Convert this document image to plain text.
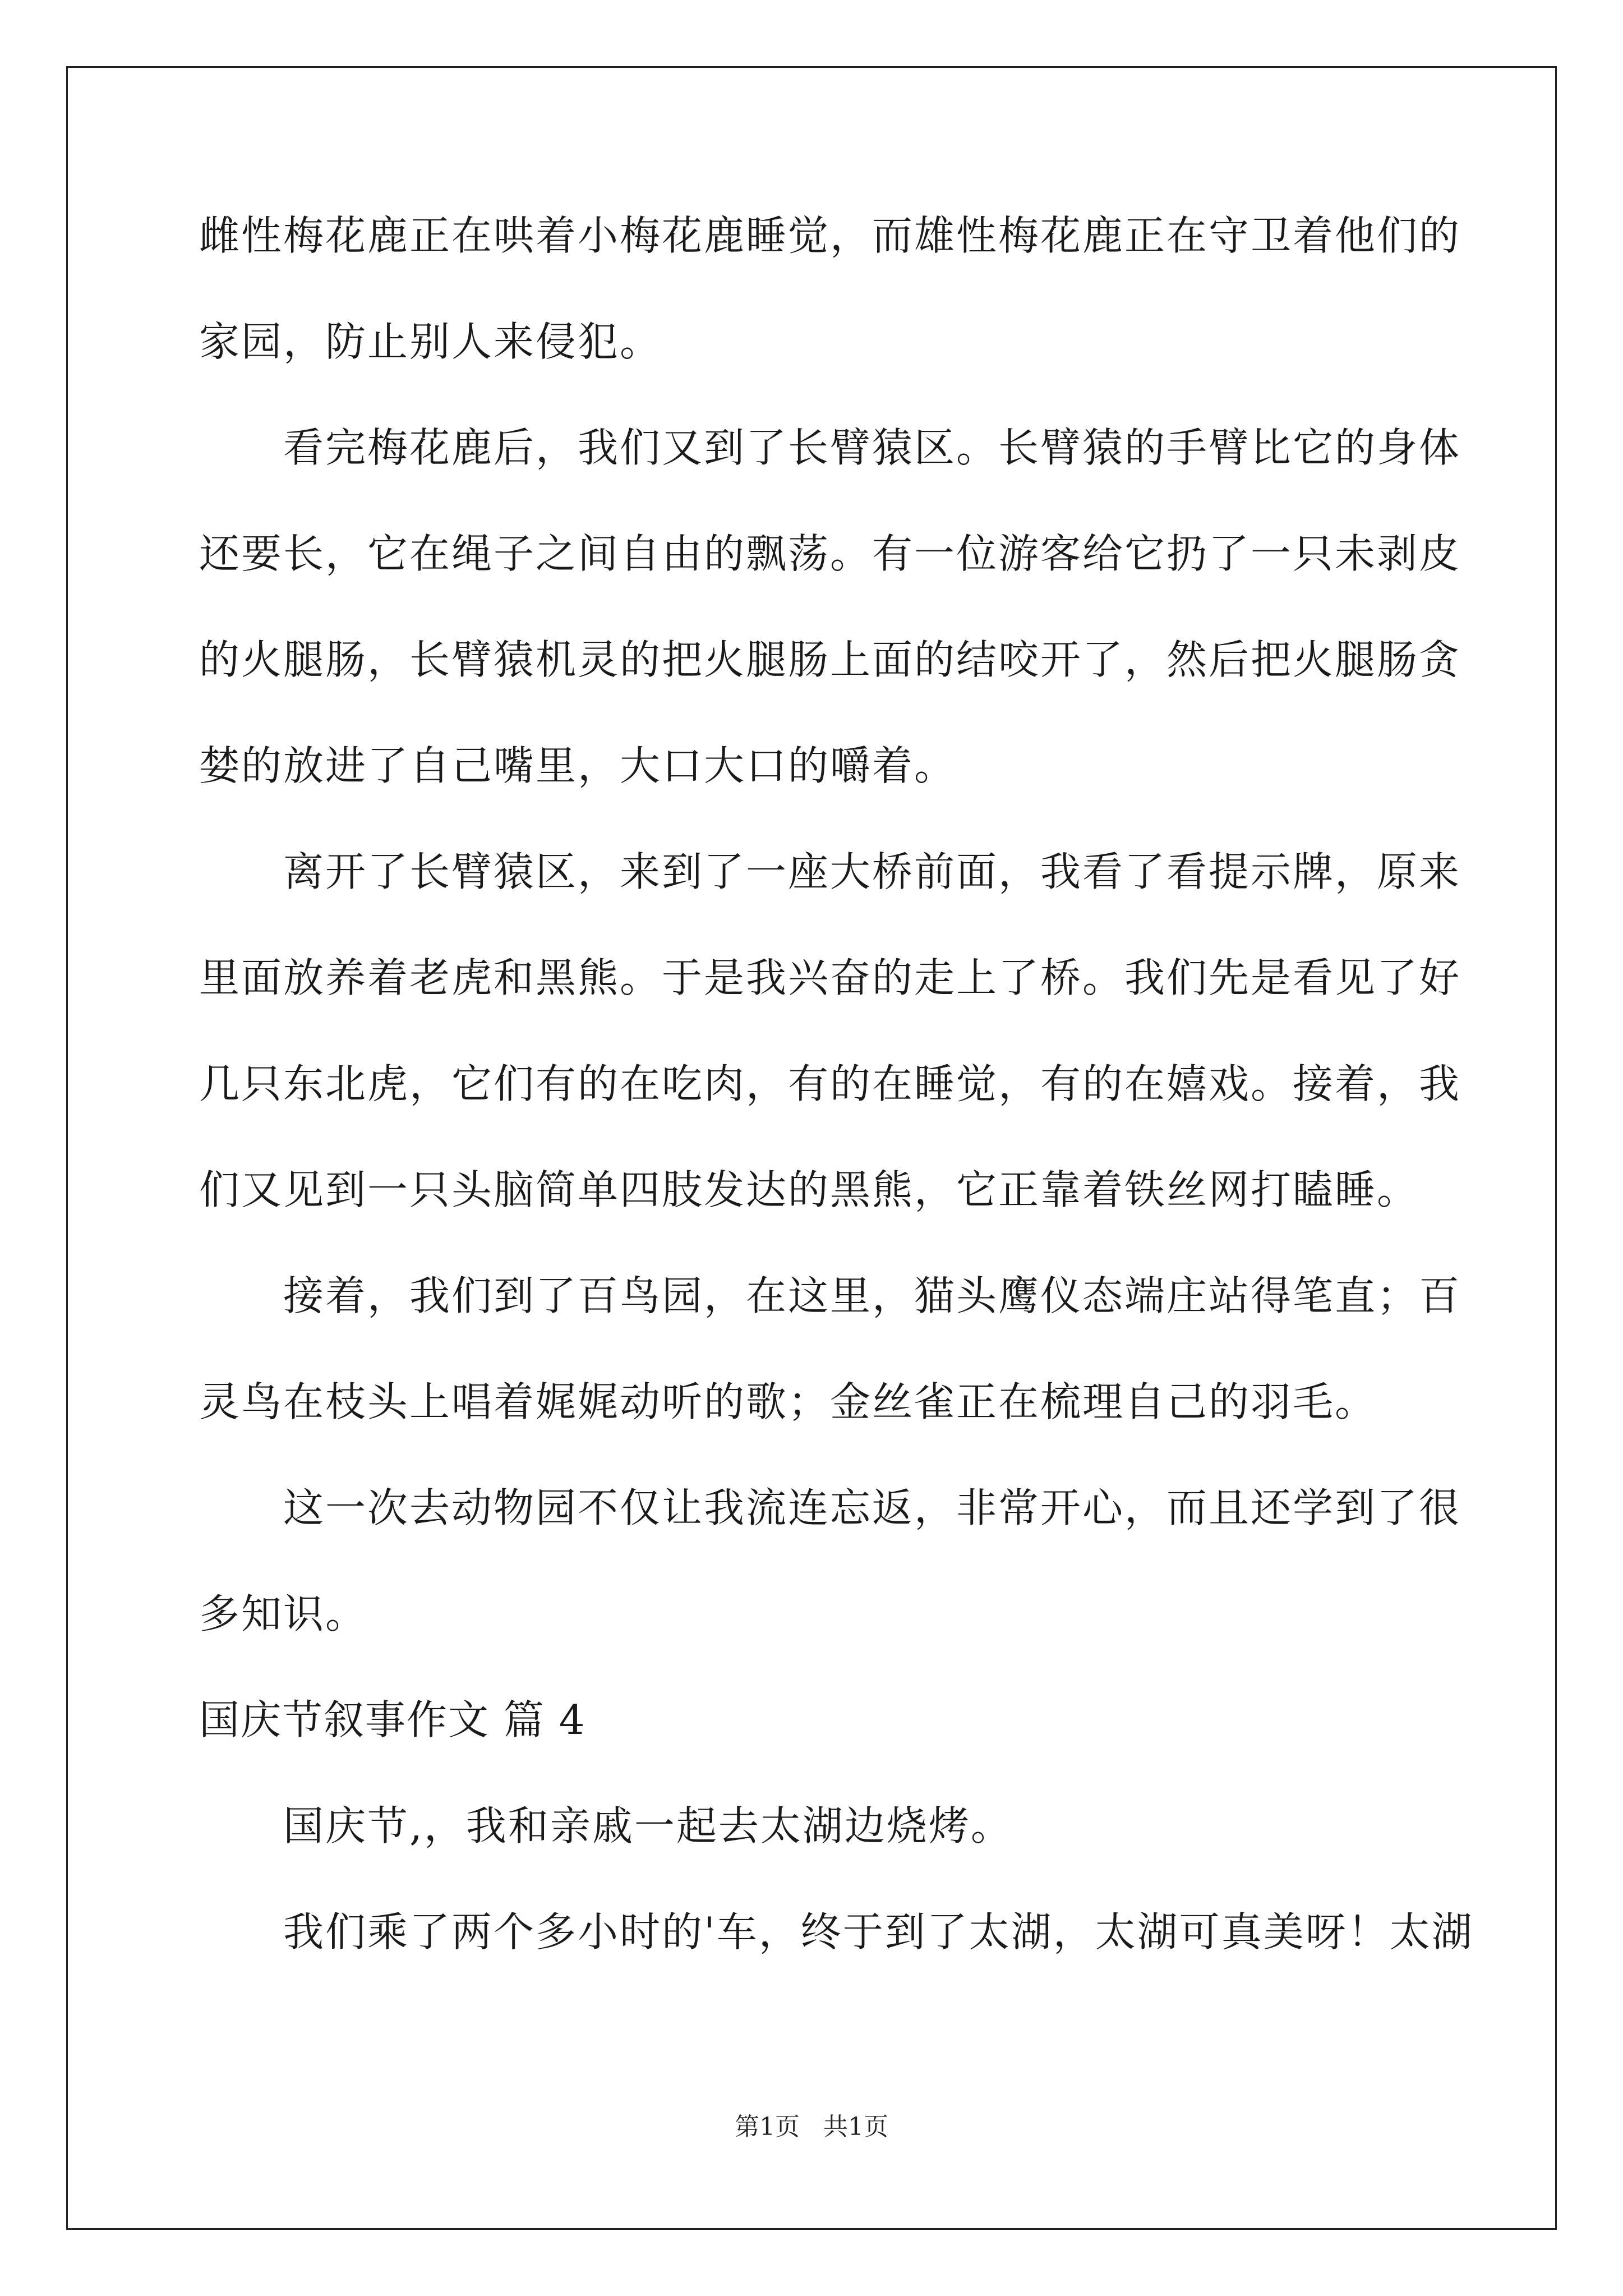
雌性梅花鹿正在哄着小梅花鹿睡觉，而雄性梅花鹿正在守卫着他们的
家园，防止别人来侵犯。
看完梅花鹿后，我们又到了长臂猿区。长臂猿的手臂比它的身体
还要长，它在绳子之间自由的飘荡。有一位游客给它扔了一只未剥皮
的火腿肠，长臂猿机灵的把火腿肠上面的结咬开了，然后把火腿肠贪
婪的放进了自己嘴里，大口大口的嚼着。
离开了长臂猿区，来到了一座大桥前面，我看了看提示牌，原来
里面放养着老虎和黑熊。于是我兴奋的走上了桥。我们先是看见了好
几只东北虎，它们有的在吃肉，有的在睡觉，有的在嬉戏。接着，我
们又见到一只头脑简单四肢发达的黑熊，它正靠着铁丝网打瞌睡。
接着，我们到了百鸟园，在这里，猫头鹰仪态端庄站得笔直；百
灵鸟在枝头上唱着娓娓动听的歌；金丝雀正在梳理自己的羽毛。
这一次去动物园不仅让我流连忘返，非常开心，而且还学到了很
多知识。
国庆节叙事作文 篇 4
国庆节,，我和亲戚一起去太湖边烧烤。
我们乘了两个多小时的'车，终于到了太湖，太湖可真美呀！太湖
第1页 共1页
